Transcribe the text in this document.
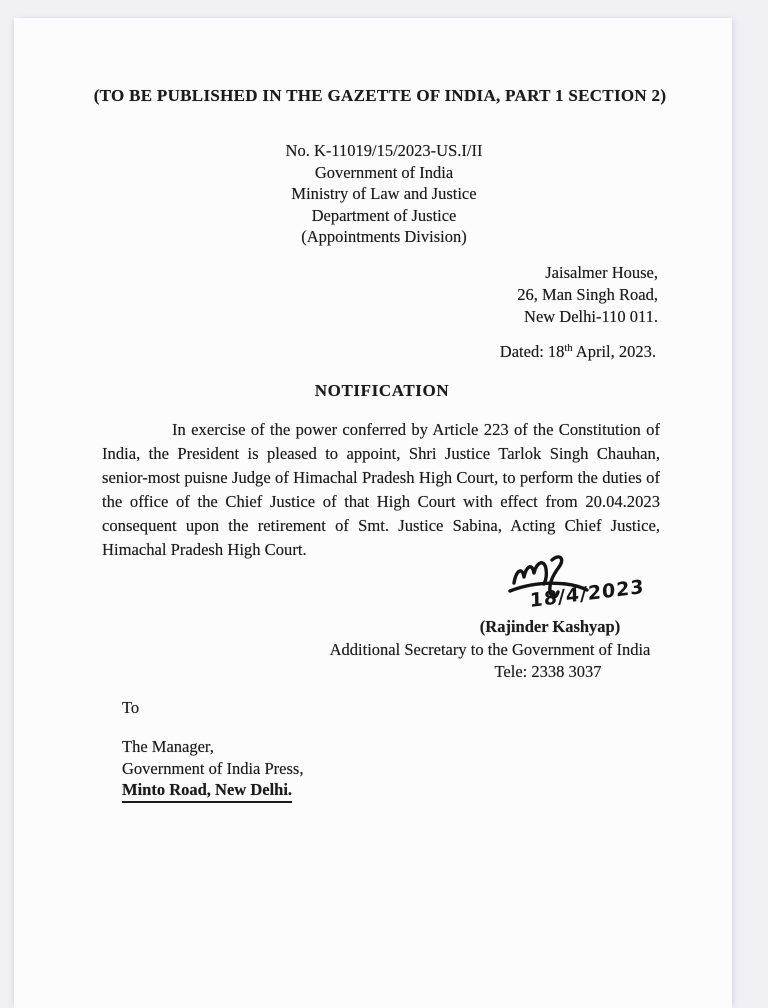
(TO BE PUBLISHED IN THE GAZETTE OF INDIA, PART 1 SECTION 2)
No. K-11019/15/2023-US.I/II
Government of India
Ministry of Law and Justice
Department of Justice
(Appointments Division)
Jaisalmer House,
26, Man Singh Road,
New Delhi-110 011.
Dated: 18th April, 2023.
NOTIFICATION
In exercise of the power conferred by Article 223 of the Constitution of India, the President is pleased to appoint, Shri Justice Tarlok Singh Chauhan, senior-most puisne Judge of Himachal Pradesh High Court, to perform the duties of the office of the Chief Justice of that High Court with effect from 20.04.2023 consequent upon the retirement of Smt. Justice Sabina, Acting Chief Justice, Himachal Pradesh High Court.
18/4/2023
(Rajinder Kashyap)
Additional Secretary to the Government of India
Tele: 2338 3037
To
The Manager,
Government of India Press,
Minto Road, New Delhi.
